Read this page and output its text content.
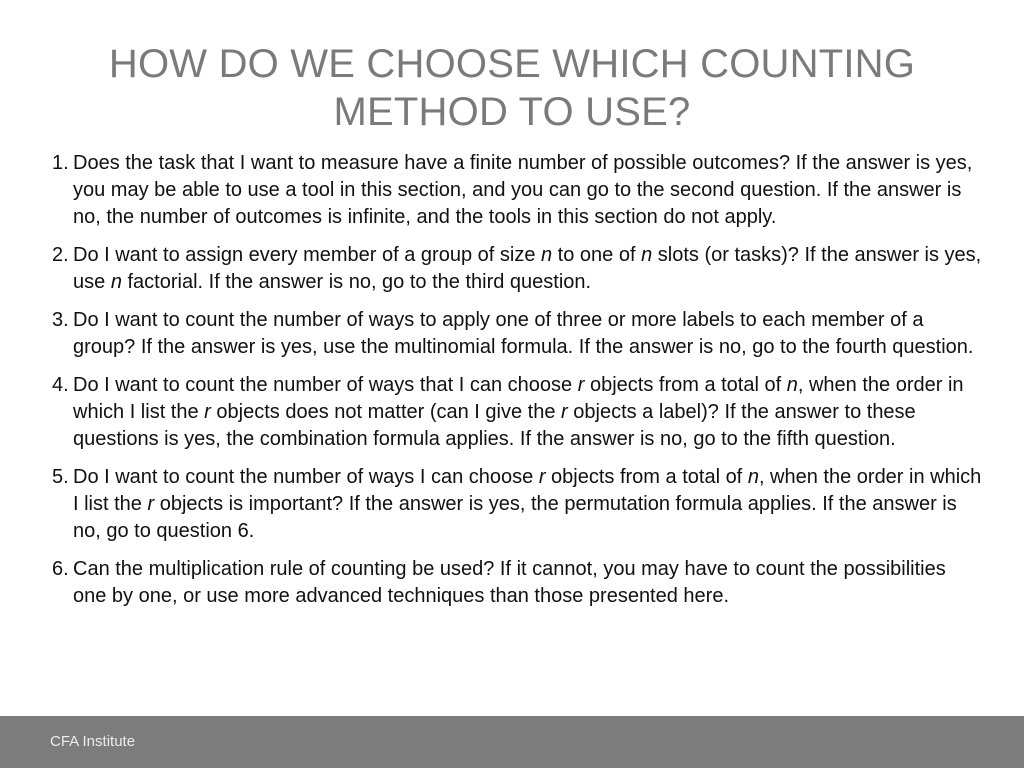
HOW DO WE CHOOSE WHICH COUNTING METHOD TO USE?
1. Does the task that I want to measure have a finite number of possible outcomes? If the answer is yes, you may be able to use a tool in this section, and you can go to the second question. If the answer is no, the number of outcomes is infinite, and the tools in this section do not apply.
2. Do I want to assign every member of a group of size n to one of n slots (or tasks)? If the answer is yes, use n factorial. If the answer is no, go to the third question.
3. Do I want to count the number of ways to apply one of three or more labels to each member of a group? If the answer is yes, use the multinomial formula. If the answer is no, go to the fourth question.
4. Do I want to count the number of ways that I can choose r objects from a total of n, when the order in which I list the r objects does not matter (can I give the r objects a label)? If the answer to these questions is yes, the combination formula applies. If the answer is no, go to the fifth question.
5. Do I want to count the number of ways I can choose r objects from a total of n, when the order in which I list the r objects is important? If the answer is yes, the permutation formula applies. If the answer is no, go to question 6.
6. Can the multiplication rule of counting be used? If it cannot, you may have to count the possibilities one by one, or use more advanced techniques than those presented here.
CFA Institute
